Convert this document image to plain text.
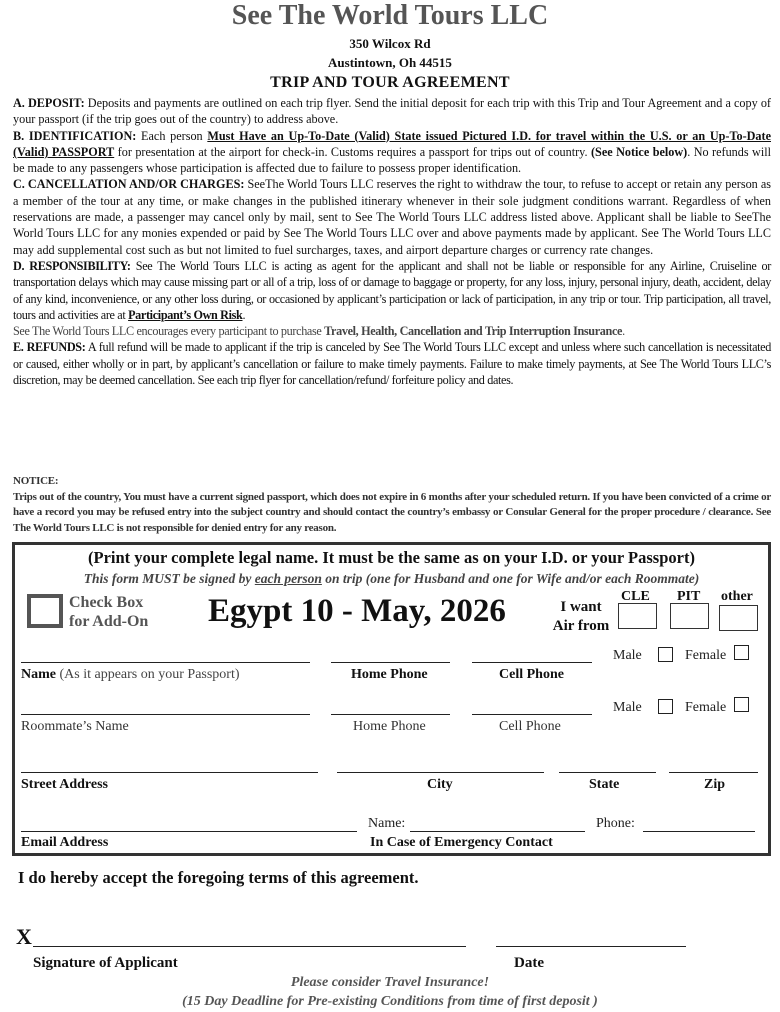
See The World Tours LLC
350 Wilcox Rd
Austintown, Oh 44515
TRIP AND TOUR AGREEMENT

A. DEPOSIT: Deposits and payments are outlined on each trip flyer. Send the initial deposit for each trip with this Trip and Tour Agreement and a copy of your passport (if the trip goes out of the country) to address above.

B. IDENTIFICATION: Each person Must Have an Up-To-Date (Valid) State issued Pictured I.D. for travel within the U.S. or an Up-To-Date (Valid) PASSPORT for presentation at the airport for check-in. Customs requires a passport for trips out of country. (See Notice below). No refunds will be made to any passengers whose participation is affected due to failure to possess proper identification.

C. CANCELLATION AND/OR CHARGES: SeeThe World Tours LLC reserves the right to withdraw the tour, to refuse to accept or retain any person as a member of the tour at any time, or make changes in the published itinerary whenever in their sole judgment conditions warrant. Regardless of when reservations are made, a passenger may cancel only by mail, sent to See The World Tours LLC address listed above. Applicant shall be liable to SeeThe World Tours LLC for any monies expended or paid by See The World Tours LLC over and above payments made by applicant. See The World Tours LLC may add supplemental cost such as but not limited to fuel surcharges, taxes, and airport departure charges or currency rate changes.

D. RESPONSIBILITY: See The World Tours LLC is acting as agent for the applicant and shall not be liable or responsible for any Airline, Cruiseline or transportation delays which may cause missing part or all of a trip, loss of or damage to baggage or property, for any loss, injury, personal injury, death, accident, delay of any kind, inconvenience, or any other loss during, or occasioned by applicant’s participation or lack of participation, in any trip or tour. Trip participation, all travel, tours and activities are at Participant’s Own Risk.

See The World Tours LLC encourages every participant to purchase Travel, Health, Cancellation and Trip Interruption Insurance.

E. REFUNDS: A full refund will be made to applicant if the trip is canceled by See The World Tours LLC except and unless where such cancellation is necessitated or caused, either wholly or in part, by applicant’s cancellation or failure to make timely payments. Failure to make timely payments, at See The World Tours LLC’s discretion, may be deemed cancellation. See each trip flyer for cancellation/refund/ forfeiture policy and dates.

NOTICE:
Trips out of the country, You must have a current signed passport, which does not expire in 6 months after your scheduled return. If you have been convicted of a crime or have a record you may be refused entry into the subject country and should contact the country’s embassy or Consular General for the proper procedure / clearance. See The World Tours LLC is not responsible for denied entry for any reason.
(Print your complete legal name. It must be the same as on your I.D. or your Passport)
This form MUST be signed by each person on trip (one for Husband and one for Wife and/or each Roommate)
Check Box
for Add-On Egypt 10 - May, 2026	I want
Air from
CLE PIT other
Male	Female
Name (As it appears on your Passport)	Home Phone	Cell Phone
Male	Female
Roommate’s Name	Home Phone	Cell Phone
Street Address	City	State	Zip
Name:	Phone:
Email Address	In Case of Emergency Contact
I do hereby accept the foregoing terms of this agreement.
X
Signature of Applicant	Date
Please consider Travel Insurance!
(15 Day Deadline for Pre-existing Conditions from time of first deposit )
